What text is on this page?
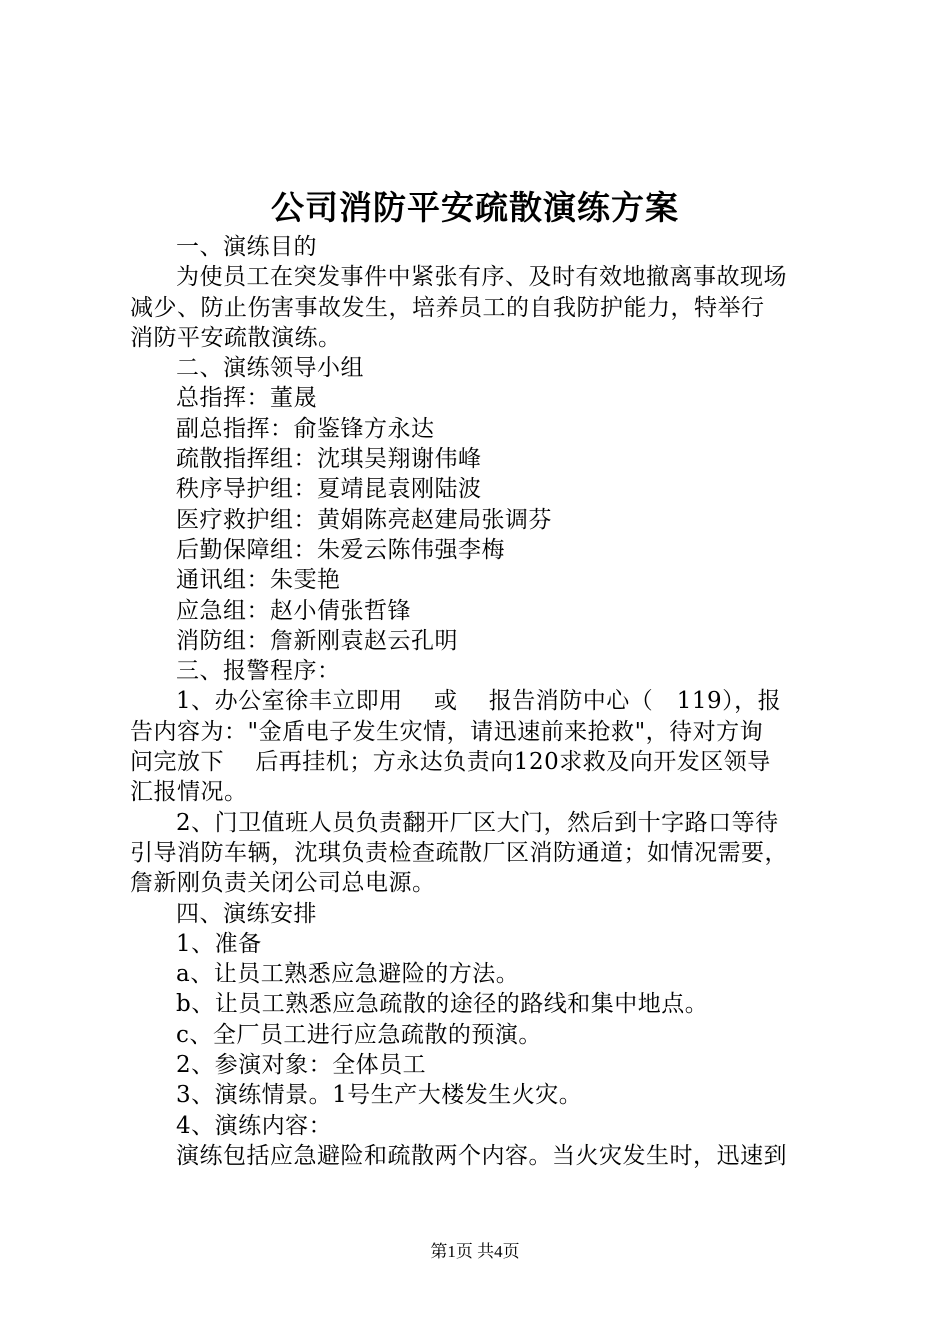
公司消防平安疏散演练方案
一、演练目的
为使员工在突发事件中紧张有序、及时有效地撤离事故现场
减少、防止伤害事故发生，培养员工的自我防护能力，特举行
消防平安疏散演练。
二、演练领导小组
总指挥：董晟
副总指挥：俞鉴锋方永达
疏散指挥组：沈琪吴翔谢伟峰
秩序导护组：夏靖昆袁刚陆波
医疗救护组：黄娟陈亮赵建局张调芬
后勤保障组：朱爱云陈伟强李梅
通讯组：朱雯艳
应急组：赵小倩张哲锋
消防组：詹新刚袁赵云孔明
三、报警程序：
1、办公室徐丰立即用　 或　 报告消防中心（　119），报
告内容为："金盾电子发生灾情，请迅速前来抢救"，待对方询
问完放下　 后再挂机；方永达负责向120求救及向开发区领导
汇报情况。
2、门卫值班人员负责翻开厂区大门，然后到十字路口等待
引导消防车辆，沈琪负责检查疏散厂区消防通道；如情况需要，
詹新刚负责关闭公司总电源。
四、演练安排
1、准备
a、让员工熟悉应急避险的方法。
b、让员工熟悉应急疏散的途径的路线和集中地点。
c、全厂员工进行应急疏散的预演。
2、参演对象：全体员工
3、演练情景。1号生产大楼发生火灾。
4、演练内容：
演练包括应急避险和疏散两个内容。当火灾发生时，迅速到
第1页 共4页
